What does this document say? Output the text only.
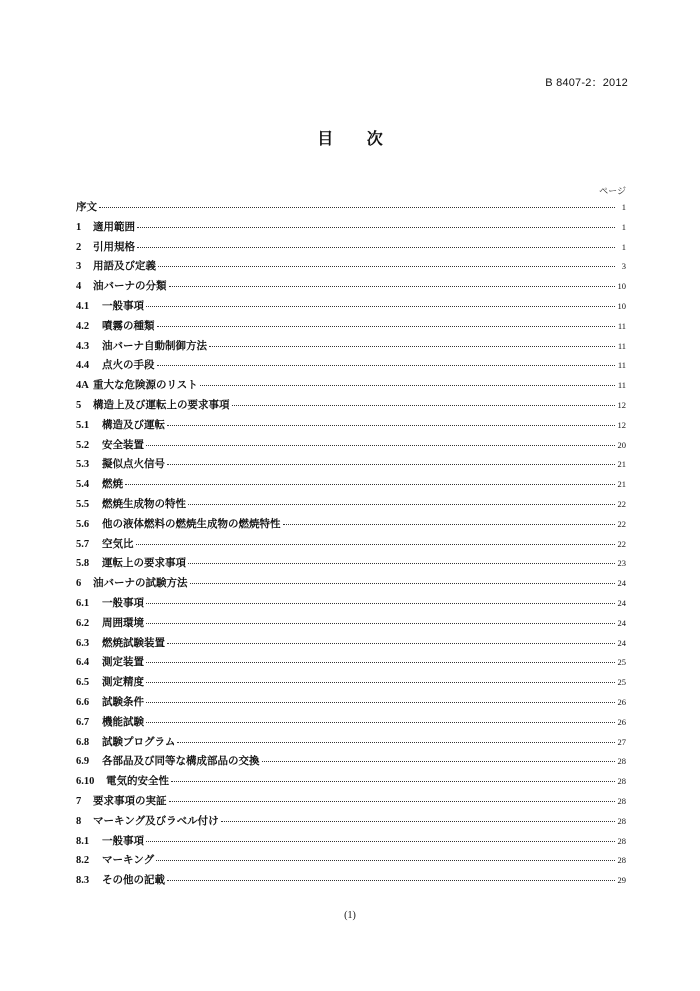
B 8407-2：2012
目 次
ページ
序文	1
1	適用範囲	1
2	引用規格	1
3	用語及び定義	3
4	油バーナの分類	10
4.1	一般事項	10
4.2	噴霧の種類	11
4.3	油バーナ自動制御方法	11
4.4	点火の手段	11
4A 重大な危険源のリスト	11
5	構造上及び運転上の要求事項	12
5.1	構造及び運転	12
5.2	安全装置	20
5.3	擬似点火信号	21
5.4	燃焼	21
5.5	燃焼生成物の特性	22
5.6	他の液体燃料の燃焼生成物の燃焼特性	22
5.7	空気比	22
5.8	運転上の要求事項	23
6	油バーナの試験方法	24
6.1	一般事項	24
6.2	周囲環境	24
6.3	燃焼試験装置	24
6.4	測定装置	25
6.5	測定精度	25
6.6	試験条件	26
6.7	機能試験	26
6.8	試験プログラム	27
6.9	各部品及び同等な構成部品の交換	28
6.10	電気的安全性	28
7	要求事項の実証	28
8	マーキング及びラベル付け	28
8.1	一般事項	28
8.2	マーキング	28
8.3	その他の記載	29
(1)
